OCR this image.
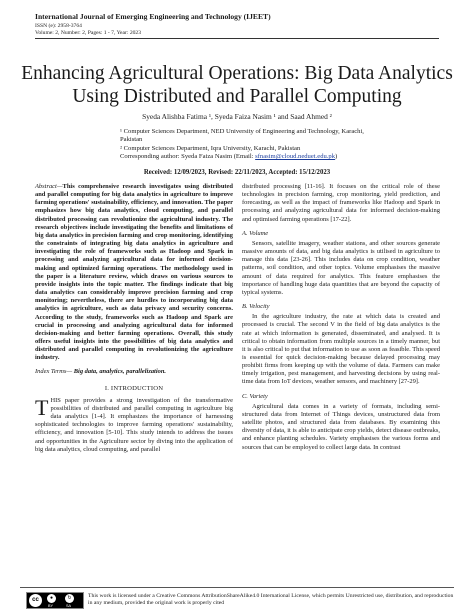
International Journal of Emerging Engineering and Technology (IJEET)
ISSN (e): 2958-3764
Volume: 2, Number: 2, Pages: 1 - 7, Year: 2023
Enhancing Agricultural Operations: Big Data Analytics Using Distributed and Parallel Computing
Syeda Alishba Fatima ¹, Syeda Faiza Nasim ¹ and Saad Ahmed ²
¹ Computer Sciences Department, NED University of Engineering and Technology, Karachi, Pakistan
² Computer Sciences Department, Iqra University, Karachi, Pakistan
Corresponding author: Syeda Faiza Nasim (Email: sfnasim@cloud.neduet.edu.pk)
Received: 12/09/2023, Revised: 22/11/2023, Accepted: 15/12/2023
Abstract—This comprehensive research investigates using distributed and parallel computing for big data analytics in agriculture to improve farming operations' sustainability, efficiency, and innovation. The paper emphasizes how big data analytics, cloud computing, and parallel distributed processing can revolutionize the agricultural industry. The research objectives include investigating the benefits and limitations of big data analytics in precision farming and crop monitoring, identifying the constraints of integrating big data analytics in agriculture and investigating the role of frameworks such as Hadoop and Spark in processing and analyzing agricultural data for informed decision-making and optimized farming operations. The methodology used in the paper is a literature review, which draws on various sources to provide insights into the topic matter. The findings indicate that big data analytics can considerably improve precision farming and crop monitoring; nevertheless, there are hurdles to incorporating big data analytics in agriculture, such as data privacy and security concerns. According to the study, frameworks such as Hadoop and Spark are crucial in processing and analyzing agricultural data for informed decision-making and better farming operations. Overall, this study offers useful insights into the possibilities of big data analytics and distributed and parallel computing in revolutionizing the agriculture industry.
Index Terms— Big data, analytics, parallelization.
I. INTRODUCTION
THIS paper provides a strong investigation of the transformative possibilities of distributed and parallel computing in agriculture big data analytics [1-4]. It emphasizes the importance of harnessing sophisticated technologies to improve farming operations' sustainability, efficiency, and innovation [5-10]. This study intends to address the issues and opportunities in the Agriculture sector by diving into the application of big data analytics, cloud computing, and parallel

distributed processing [11-16]. It focuses on the critical role of these technologies in precision farming, crop monitoring, yield prediction, and forecasting, as well as the impact of frameworks like Hadoop and Spark in processing and analyzing agricultural data for informed decision-making and optimised farming operations [17-22].

A. Volume

Sensors, satellite imagery, weather stations, and other sources generate massive amounts of data, and big data analytics is utilised in agriculture to manage this data [23-26]. This includes data on crop condition, weather patterns, soil condition, and other topics. Volume emphasises the massive amount of data required for analytics. This feature emphasises the importance of handling huge data quantities that are beyond the capacity of typical systems.

B. Velocity

In the agriculture industry, the rate at which data is created and processed is crucial. The second V in the field of big data analytics is the rate at which information is generated, disseminated, and analysed. It is critical to obtain information from multiple sources in a timely manner, but it is also critical to put that information to use as soon as feasible. This speed is essential for quick decision-making because delayed processing may prohibit firms from keeping up with the volume of data. Farmers can make timely irrigation, pest management, and harvesting decisions by using real-time data from IoT devices, weather sensors, and machinery [27-29].

C. Variety

Agricultural data comes in a variety of formats, including semi-structured data from Internet of Things devices, unstructured data from satellite photos, and structured data from databases. By examining this diversity of data, it is able to anticipate crop yields, detect disease outbreaks, and enhance planting schedules. Variety emphasises the various forms and sources that can be employed to collect large data. In contrast

cc	●	↻
BY	SA
This work is licensed under a Creative Commons AttributionShareAlike4.0 International License, which permits Unrestricted use, distribution, and reproduction in any medium, provided the original work is properly cited
